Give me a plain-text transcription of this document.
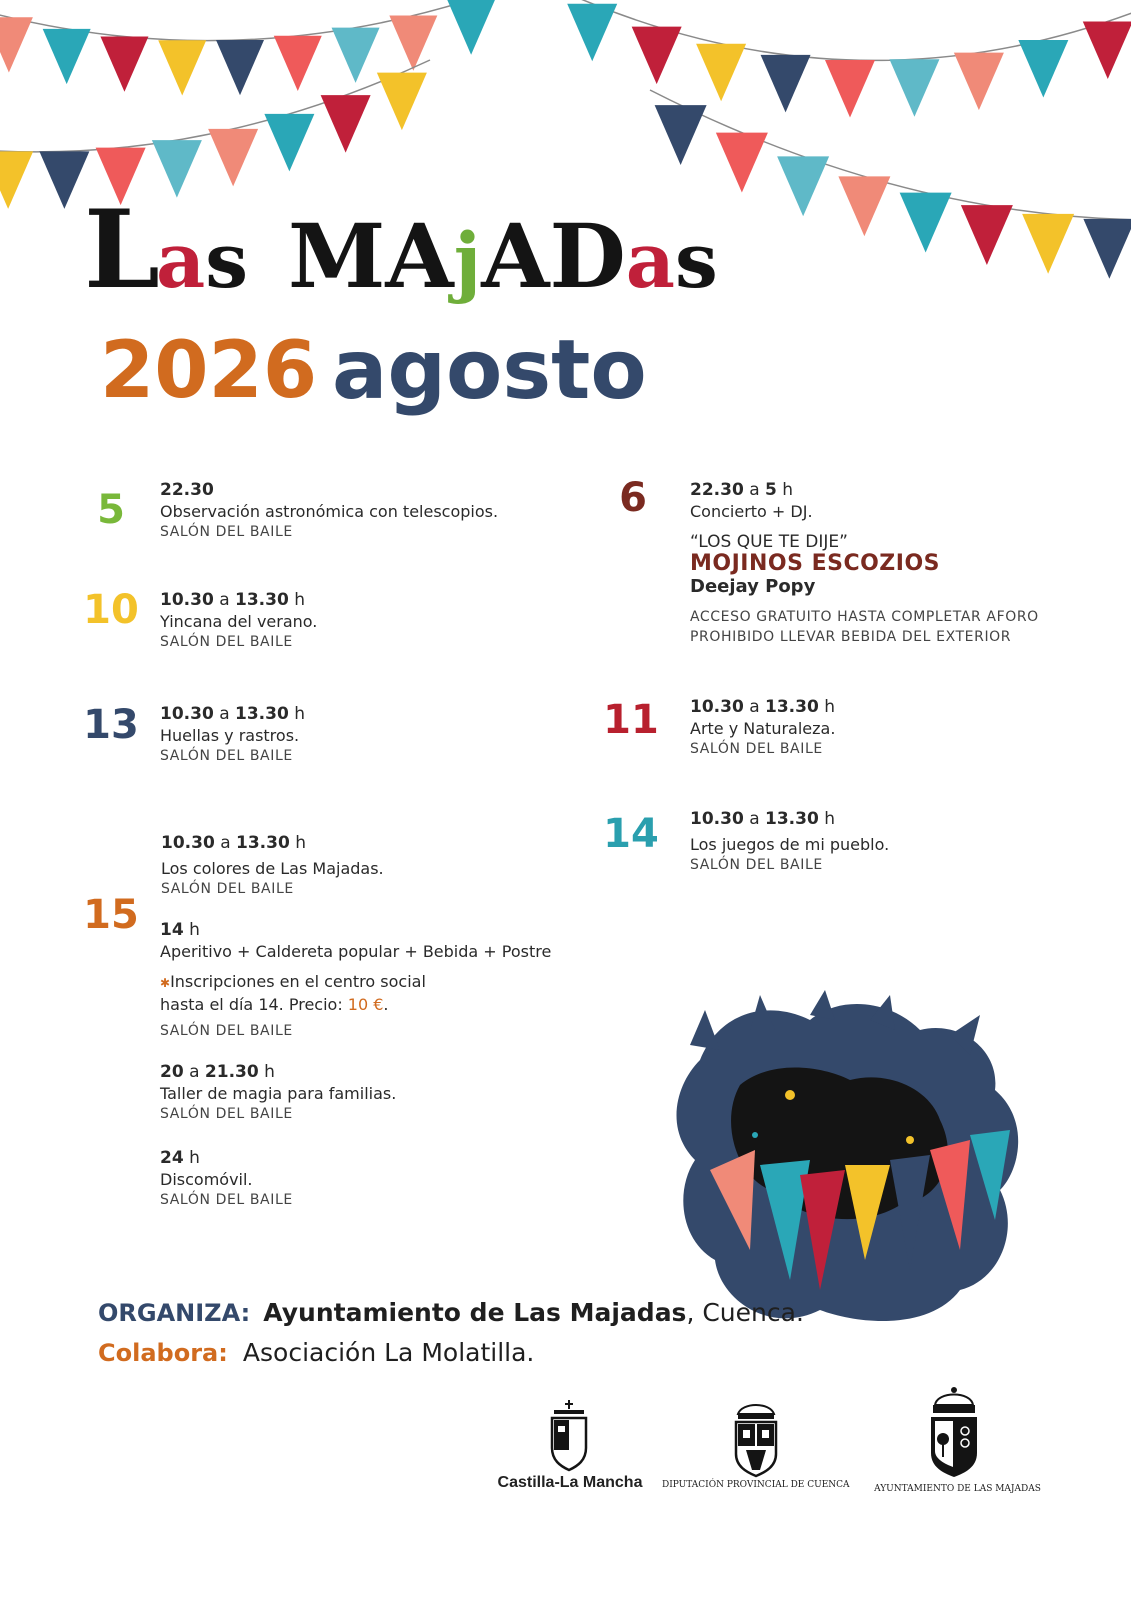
Las MAjADas
2026 agosto
5	22.30
Observación astronómica con telescopios.
SALÓN DEL BAILE
10	10.30 a 13.30 h
Yincana del verano.
SALÓN DEL BAILE
13	10.30 a 13.30 h
Huellas y rastros.
SALÓN DEL BAILE
15
10.30 a 13.30 h
Los colores de Las Majadas.
SALÓN DEL BAILE
14 h
Aperitivo + Caldereta popular + Bebida + Postre
✱Inscripciones en el centro social
hasta el día 14. Precio: 10 €.
SALÓN DEL BAILE
20 a 21.30 h
Taller de magia para familias.
SALÓN DEL BAILE
24 h
Discomóvil.
SALÓN DEL BAILE
6	22.30 a 5 h
Concierto + DJ.
“LOS QUE TE DIJE”
MOJINOS ESCOZIOS
Deejay Popy
ACCESO GRATUITO HASTA COMPLETAR AFORO
PROHIBIDO LLEVAR BEBIDA DEL EXTERIOR
11	10.30 a 13.30 h
Arte y Naturaleza.
SALÓN DEL BAILE
14	10.30 a 13.30 h
Los juegos de mi pueblo.
SALÓN DEL BAILE
ORGANIZA: Ayuntamiento de Las Majadas, Cuenca.
Colabora: Asociación La Molatilla.
Castilla-La Mancha	DIPUTACIÓN PROVINCIAL DE CUENCA	AYUNTAMIENTO DE LAS MAJADAS
